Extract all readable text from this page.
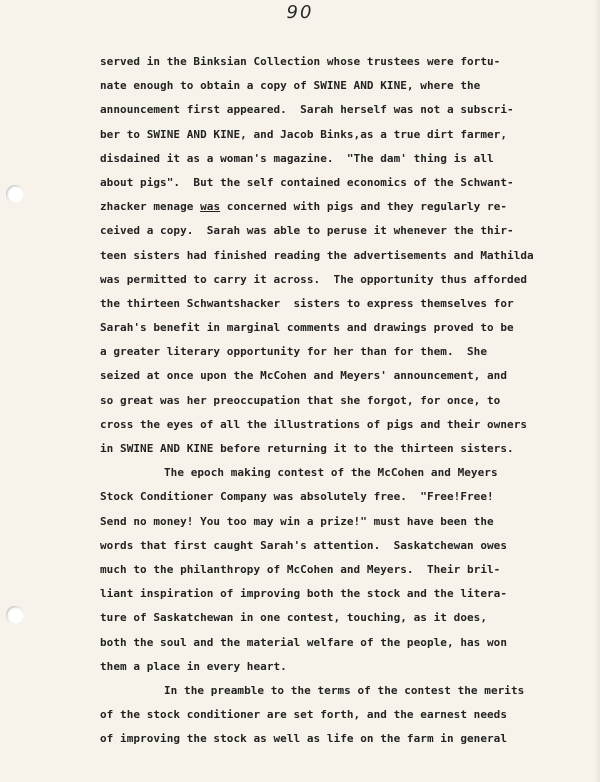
90
served in the Binksian Collection whose trustees were fortu-
nate enough to obtain a copy of SWINE AND KINE, where the
announcement first appeared.  Sarah herself was not a subscri-
ber to SWINE AND KINE, and Jacob Binks,as a true dirt farmer,
disdained it as a woman's magazine.  "The dam' thing is all
about pigs".  But the self contained economics of the Schwant-
zhacker menage was concerned with pigs and they regularly re-
ceived a copy.  Sarah was able to peruse it whenever the thir-
teen sisters had finished reading the advertisements and Mathilda
was permitted to carry it across.  The opportunity thus afforded
the thirteen Schwantshacker  sisters to express themselves for
Sarah's benefit in marginal comments and drawings proved to be
a greater literary opportunity for her than for them.  She
seized at once upon the McCohen and Meyers' announcement, and
so great was her preoccupation that she forgot, for once, to
cross the eyes of all the illustrations of pigs and their owners
in SWINE AND KINE before returning it to the thirteen sisters.
The epoch making contest of the McCohen and Meyers
Stock Conditioner Company was absolutely free.  "Free!Free!
Send no money! You too may win a prize!" must have been the
words that first caught Sarah's attention.  Saskatchewan owes
much to the philanthropy of McCohen and Meyers.  Their bril-
liant inspiration of improving both the stock and the litera-
ture of Saskatchewan in one contest, touching, as it does,
both the soul and the material welfare of the people, has won
them a place in every heart.
In the preamble to the terms of the contest the merits
of the stock conditioner are set forth, and the earnest needs
of improving the stock as well as life on the farm in general
